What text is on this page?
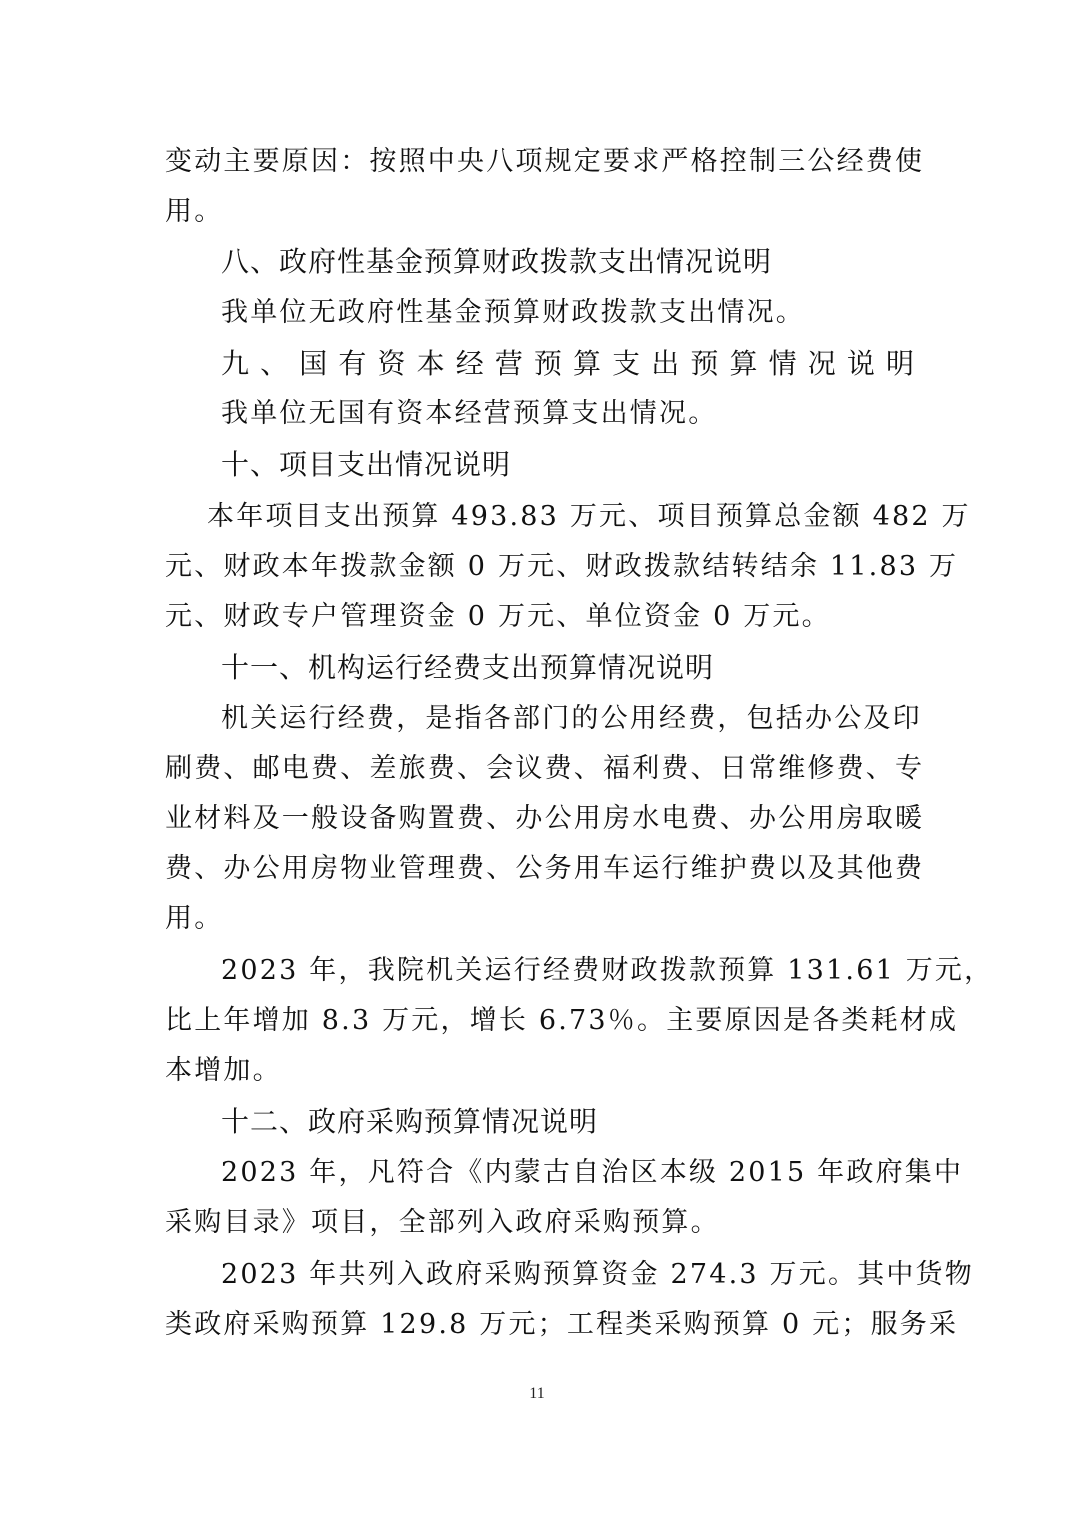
变动主要原因：按照中央八项规定要求严格控制三公经费使
用。
八、政府性基金预算财政拨款支出情况说明
我单位无政府性基金预算财政拨款支出情况。
九、国有资本经营预算支出预算情况说明
我单位无国有资本经营预算支出情况。
十、项目支出情况说明
本年项目支出预算 493.83 万元、项目预算总金额 482 万
元、财政本年拨款金额 0 万元、财政拨款结转结余 11.83 万
元、财政专户管理资金 0 万元、单位资金 0 万元。
十一、机构运行经费支出预算情况说明
机关运行经费，是指各部门的公用经费，包括办公及印
刷费、邮电费、差旅费、会议费、福利费、日常维修费、专
业材料及一般设备购置费、办公用房水电费、办公用房取暖
费、办公用房物业管理费、公务用车运行维护费以及其他费
用。
2023 年，我院机关运行经费财政拨款预算 131.61 万元，
比上年增加 8.3 万元，增长 6.73％。主要原因是各类耗材成
本增加。
十二、政府采购预算情况说明
2023 年，凡符合《内蒙古自治区本级 2015 年政府集中
采购目录》项目，全部列入政府采购预算。
2023 年共列入政府采购预算资金 274.3 万元。其中货物
类政府采购预算 129.8 万元；工程类采购预算 0 元；服务采
11
